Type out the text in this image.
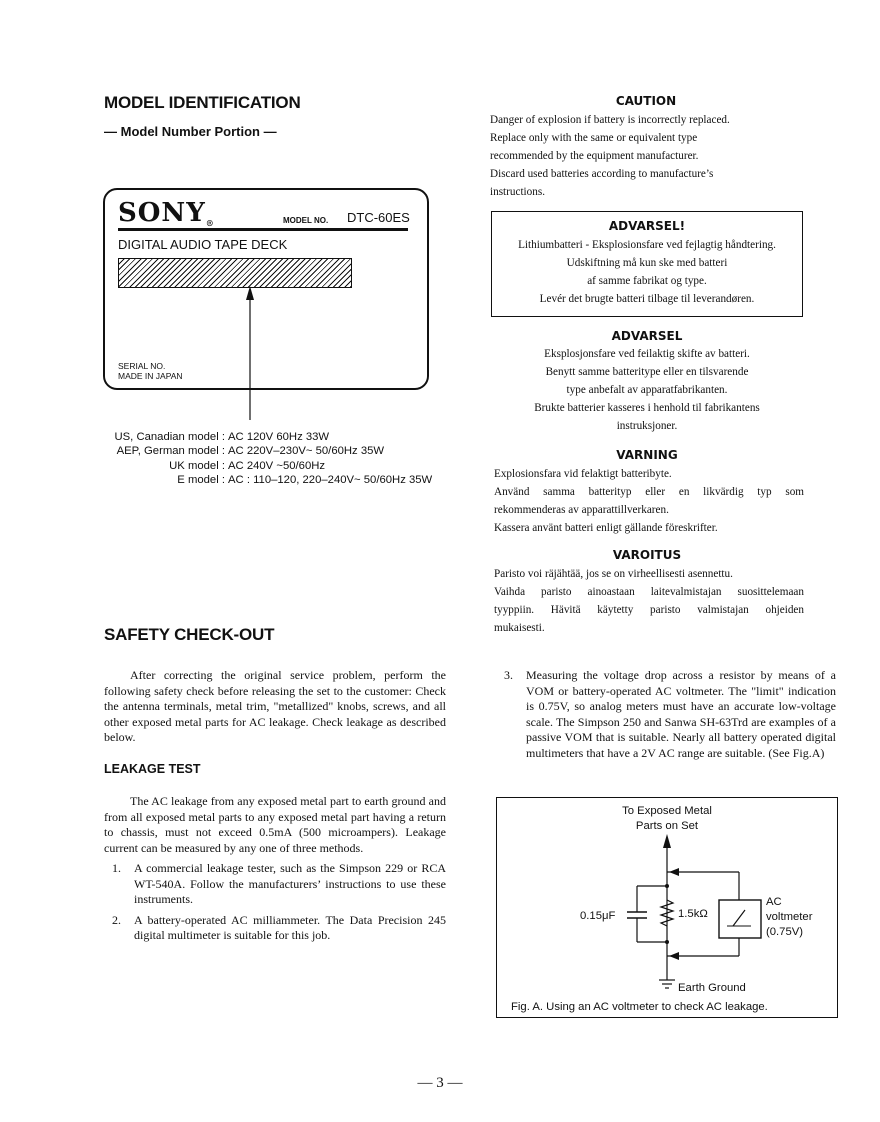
MODEL IDENTIFICATION
— Model Number Portion —
SONY®	MODEL NO. DTC-60ES
DIGITAL AUDIO TAPE DECK
SERIAL NO.
MADE IN JAPAN
US, Canadian model : AC 120V 60Hz 33W
AEP, German model : AC 220V–230V~ 50/60Hz 35W
UK model : AC 240V ~50/60Hz
E model : AC : 110–120, 220–240V~ 50/60Hz 35W
CAUTION
Danger of explosion if battery is incorrectly replaced.
Replace only with the same or equivalent type
recommended by the equipment manufacturer.
Discard used batteries according to manufacture’s
instructions.
ADVARSEL!
Lithiumbatteri - Eksplosionsfare ved fejlagtig håndtering.
Udskiftning må kun ske med batteri
af samme fabrikat og type.
Levér det brugte batteri tilbage til leverandøren.
ADVARSEL
Eksplosjonsfare ved feilaktig skifte av batteri.
Benytt samme batteritype eller en tilsvarende
type anbefalt av apparatfabrikanten.
Brukte batterier kasseres i henhold til fabrikantens
instruksjoner.
VARNING
Explosionsfara vid felaktigt batteribyte.
Använd samma batterityp eller en likvärdig typ som
rekommenderas av apparattillverkaren.
Kassera använt batteri enligt gällande föreskrifter.
VAROITUS
Paristo voi räjähtää, jos se on virheellisesti asennettu.
Vaihda paristo ainoastaan laitevalmistajan suosittelemaan
tyyppiin. Hävitä käytetty paristo valmistajan ohjeiden
mukaisesti.
SAFETY CHECK-OUT
After correcting the original service problem, perform the following safety check before releasing the set to the customer: Check the antenna terminals, metal trim, "metallized" knobs, screws, and all other exposed metal parts for AC leakage. Check leakage as described below.
LEAKAGE TEST
The AC leakage from any exposed metal part to earth ground and from all exposed metal parts to any exposed metal part having a return to chassis, must not exceed 0.5mA (500 microampers). Leakage current can be measured by any one of three methods.
1. A commercial leakage tester, such as the Simpson 229 or RCA WT-540A. Follow the manufacturers’ instructions to use these instruments.
2. A battery-operated AC milliammeter. The Data Precision 245 digital multimeter is suitable for this job.
3. Measuring the voltage drop across a resistor by means of a VOM or battery-operated AC voltmeter. The "limit" indication is 0.75V, so analog meters must have an accurate low-voltage scale. The Simpson 250 and Sanwa SH-63Trd are examples of a passive VOM that is suitable. Nearly all battery operated digital multimeters that have a 2V AC range are suitable. (See Fig.A)
To Exposed Metal
Parts on Set
0.15μF	1.5kΩ
AC
voltmeter
(0.75V)
Earth Ground
Fig. A. Using an AC voltmeter to check AC leakage.
— 3 —
